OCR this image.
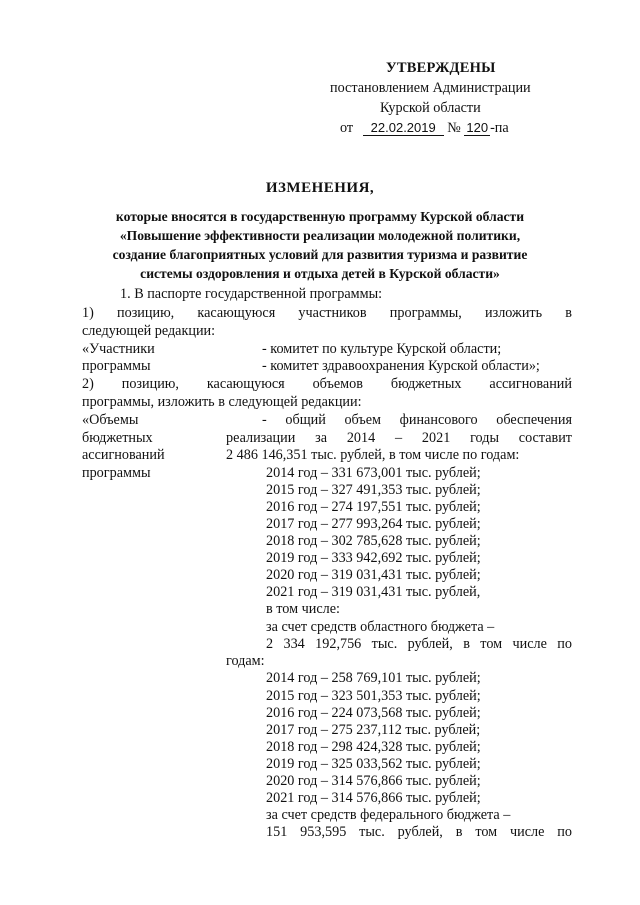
УТВЕРЖДЕНЫ
постановлением Администрации
Курской области
от 22.02.2019 № 120 -па
ИЗМЕНЕНИЯ,
которые вносятся в государственную программу Курской области
«Повышение эффективности реализации молодежной политики,
создание благоприятных условий для развития туризма и развитие
системы оздоровления и отдыха детей в Курской области»
1. В паспорте государственной программы:
1) позицию, касающуюся участников программы, изложить в
следующей редакции:
«Участники
программы
- комитет по культуре Курской области;
- комитет здравоохранения Курской области»;
2) позицию, касающуюся объемов бюджетных ассигнований
программы, изложить в следующей редакции:
«Объемы
бюджетных
ассигнований
программы
- общий объем финансового обеспечения
реализации за 2014 – 2021 годы составит
2 486 146,351 тыс. рублей, в том числе по годам:
2014 год – 331 673,001 тыс. рублей;
2015 год – 327 491,353 тыс. рублей;
2016 год – 274 197,551 тыс. рублей;
2017 год – 277 993,264 тыс. рублей;
2018 год – 302 785,628 тыс. рублей;
2019 год – 333 942,692 тыс. рублей;
2020 год – 319 031,431 тыс. рублей;
2021 год – 319 031,431 тыс. рублей,
в том числе:
за счет средств областного бюджета –
2 334 192,756 тыс. рублей, в том числе по
годам:
2014 год – 258 769,101 тыс. рублей;
2015 год – 323 501,353 тыс. рублей;
2016 год – 224 073,568 тыс. рублей;
2017 год – 275 237,112 тыс. рублей;
2018 год – 298 424,328 тыс. рублей;
2019 год – 325 033,562 тыс. рублей;
2020 год – 314 576,866 тыс. рублей;
2021 год – 314 576,866 тыс. рублей;
за счет средств федерального бюджета –
151 953,595 тыс. рублей, в том числе по
